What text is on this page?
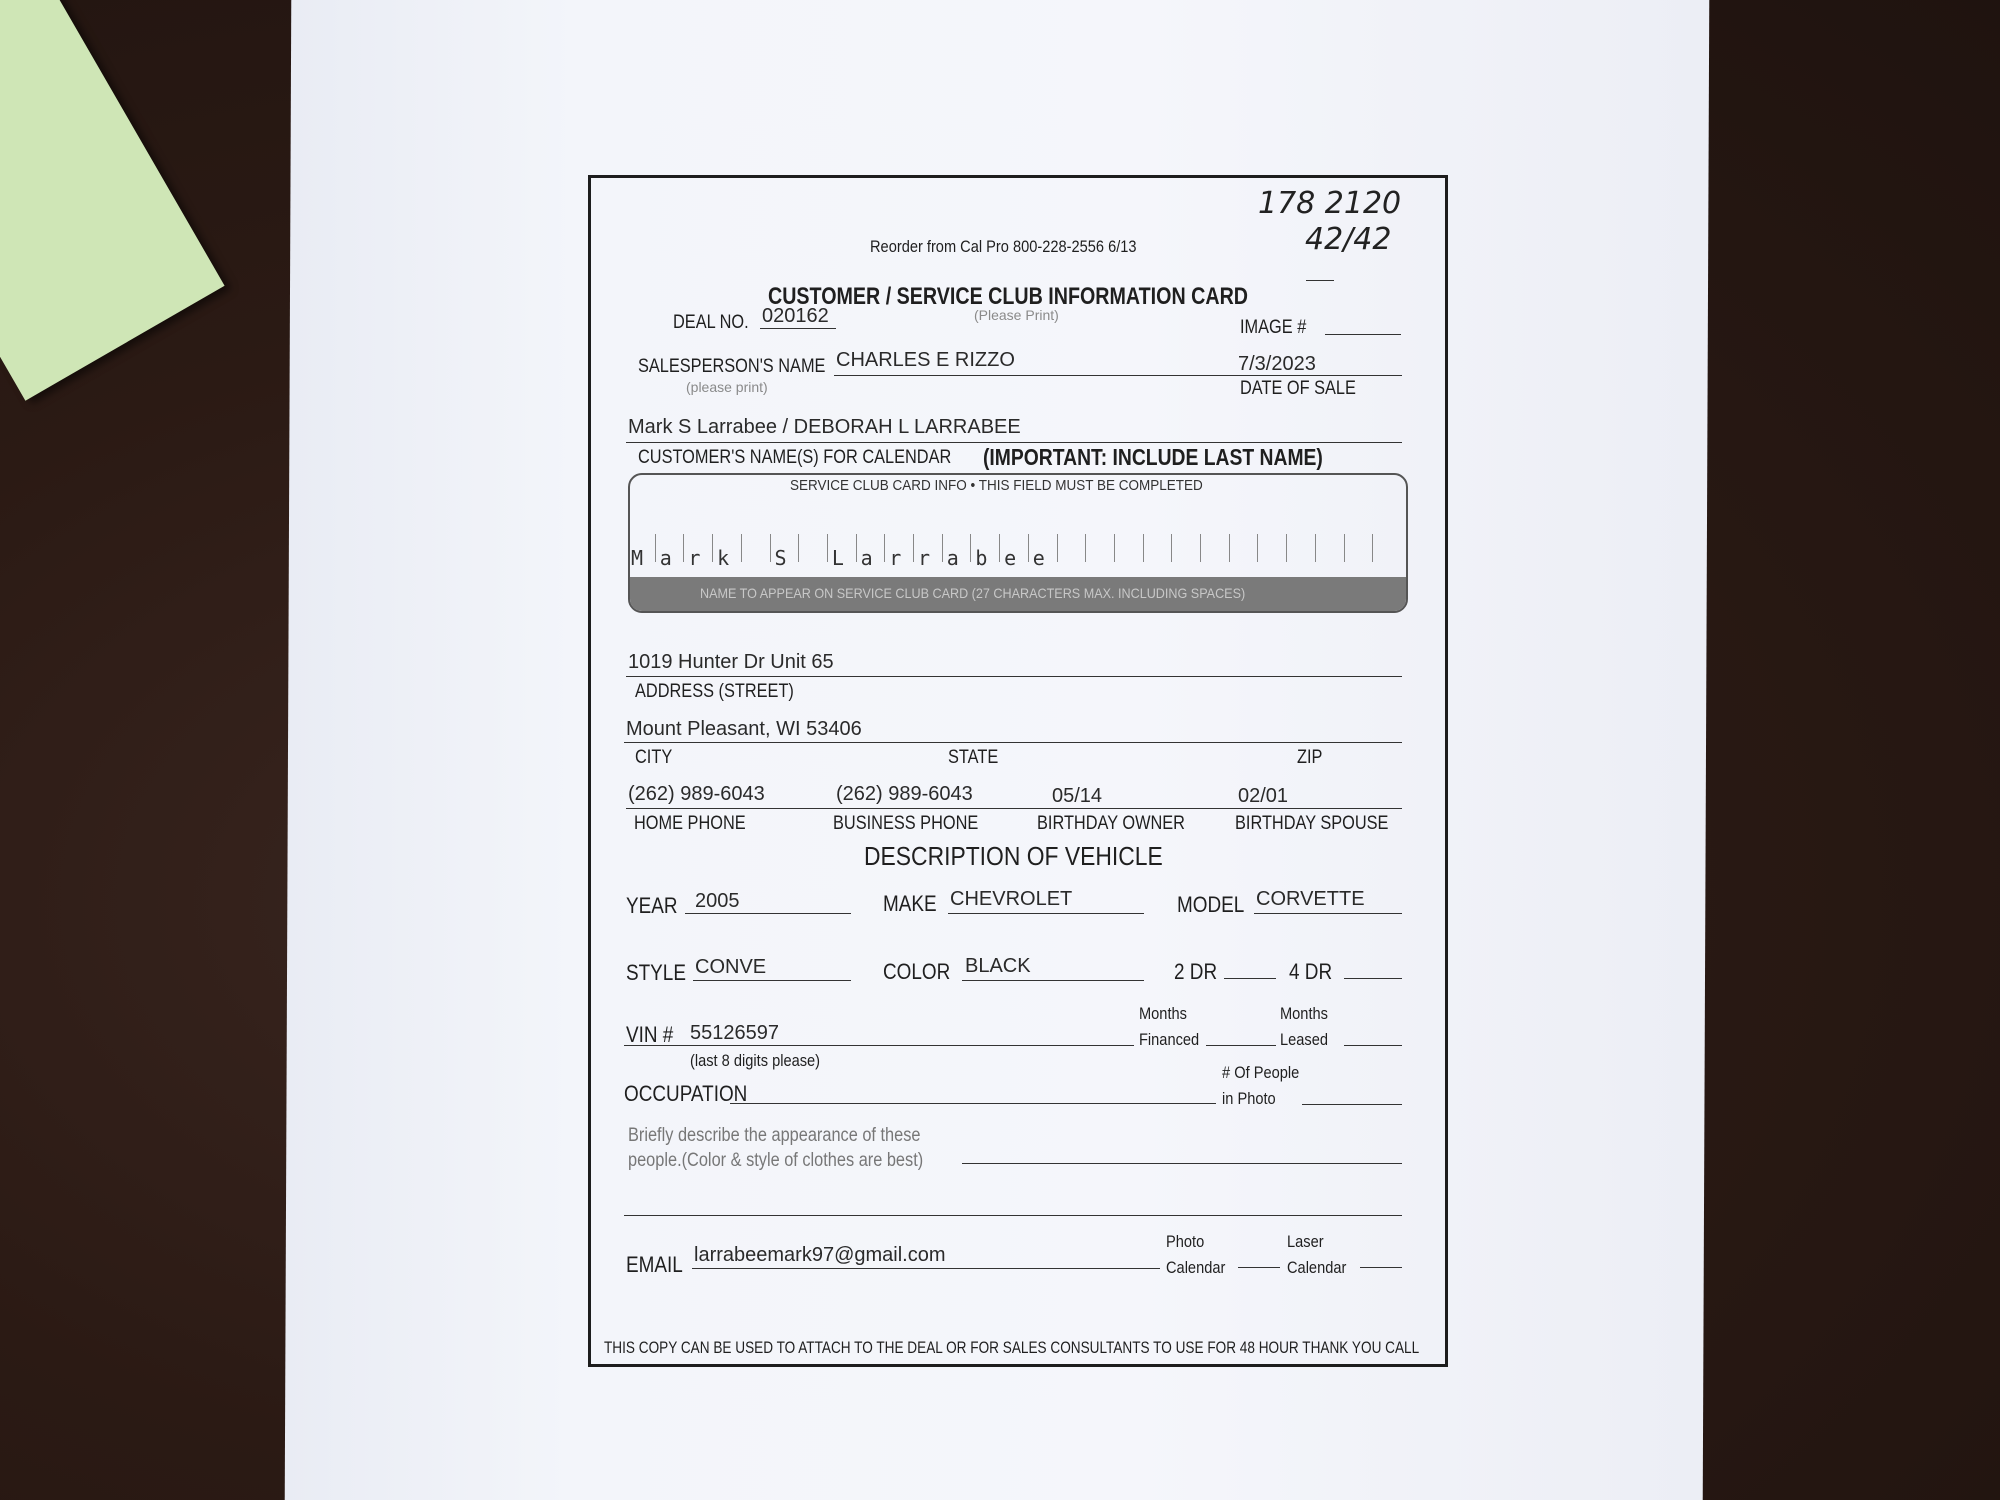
178 2120
42/42
Reorder from Cal Pro 800-228-2556 6/13
CUSTOMER / SERVICE CLUB INFORMATION CARD
(Please Print)
DEAL NO. 020162
IMAGE #
SALESPERSON'S NAME
(please print)
CHARLES E RIZZO	7/3/2023
DATE OF SALE
Mark S Larrabee / DEBORAH L LARRABEE
CUSTOMER'S NAME(S) FOR CALENDAR (IMPORTANT: INCLUDE LAST NAME)
SERVICE CLUB CARD INFO • THIS FIELD MUST BE COMPLETED
NAME TO APPEAR ON SERVICE CLUB CARD (27 CHARACTERS MAX. INCLUDING SPACES)
M a r k S L a r r a b e e
1019 Hunter Dr Unit 65
ADDRESS (STREET)
Mount Pleasant, WI 53406
CITY	STATE	ZIP
(262) 989-6043	(262) 989-6043	05/14	02/01
HOME PHONE	BUSINESS PHONE	BIRTHDAY OWNER	BIRTHDAY SPOUSE
DESCRIPTION OF VEHICLE
YEAR 2005	MAKE CHEVROLET	MODEL CORVETTE
STYLE CONVE	COLOR BLACK	2 DR	4 DR
VIN # 55126597
(last 8 digits please)
Months
Financed
Months
Leased
OCCUPATION
# Of People
in Photo
Briefly describe the appearance of these
people.(Color & style of clothes are best)
EMAIL larrabeemark97@gmail.com
Photo
Calendar
Laser
Calendar
THIS COPY CAN BE USED TO ATTACH TO THE DEAL OR FOR SALES CONSULTANTS TO USE FOR 48 HOUR THANK YOU CALL
